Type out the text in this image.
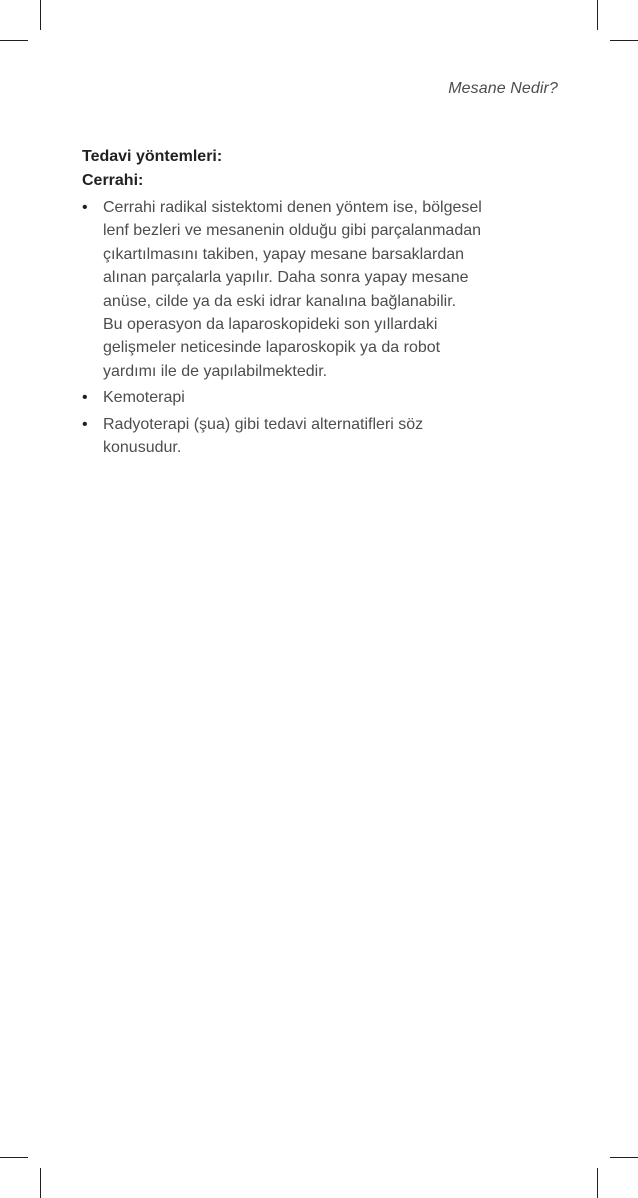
Mesane Nedir?

Tedavi yöntemleri:

Cerrahi:

• Cerrahi radikal sistektomi denen yöntem ise, bölgesel
lenf bezleri ve mesanenin olduğu gibi parçalanmadan
çıkartılmasını takiben, yapay mesane barsaklardan
alınan parçalarla yapılır. Daha sonra yapay mesane
anüse, cilde ya da eski idrar kanalına bağlanabilir.
Bu operasyon da laparoskopideki son yıllardaki
gelişmeler neticesinde laparoskopik ya da robot
yardımı ile de yapılabilmektedir.
• Kemoterapi
• Radyoterapi (şua) gibi tedavi alternatifleri söz
konusudur.
